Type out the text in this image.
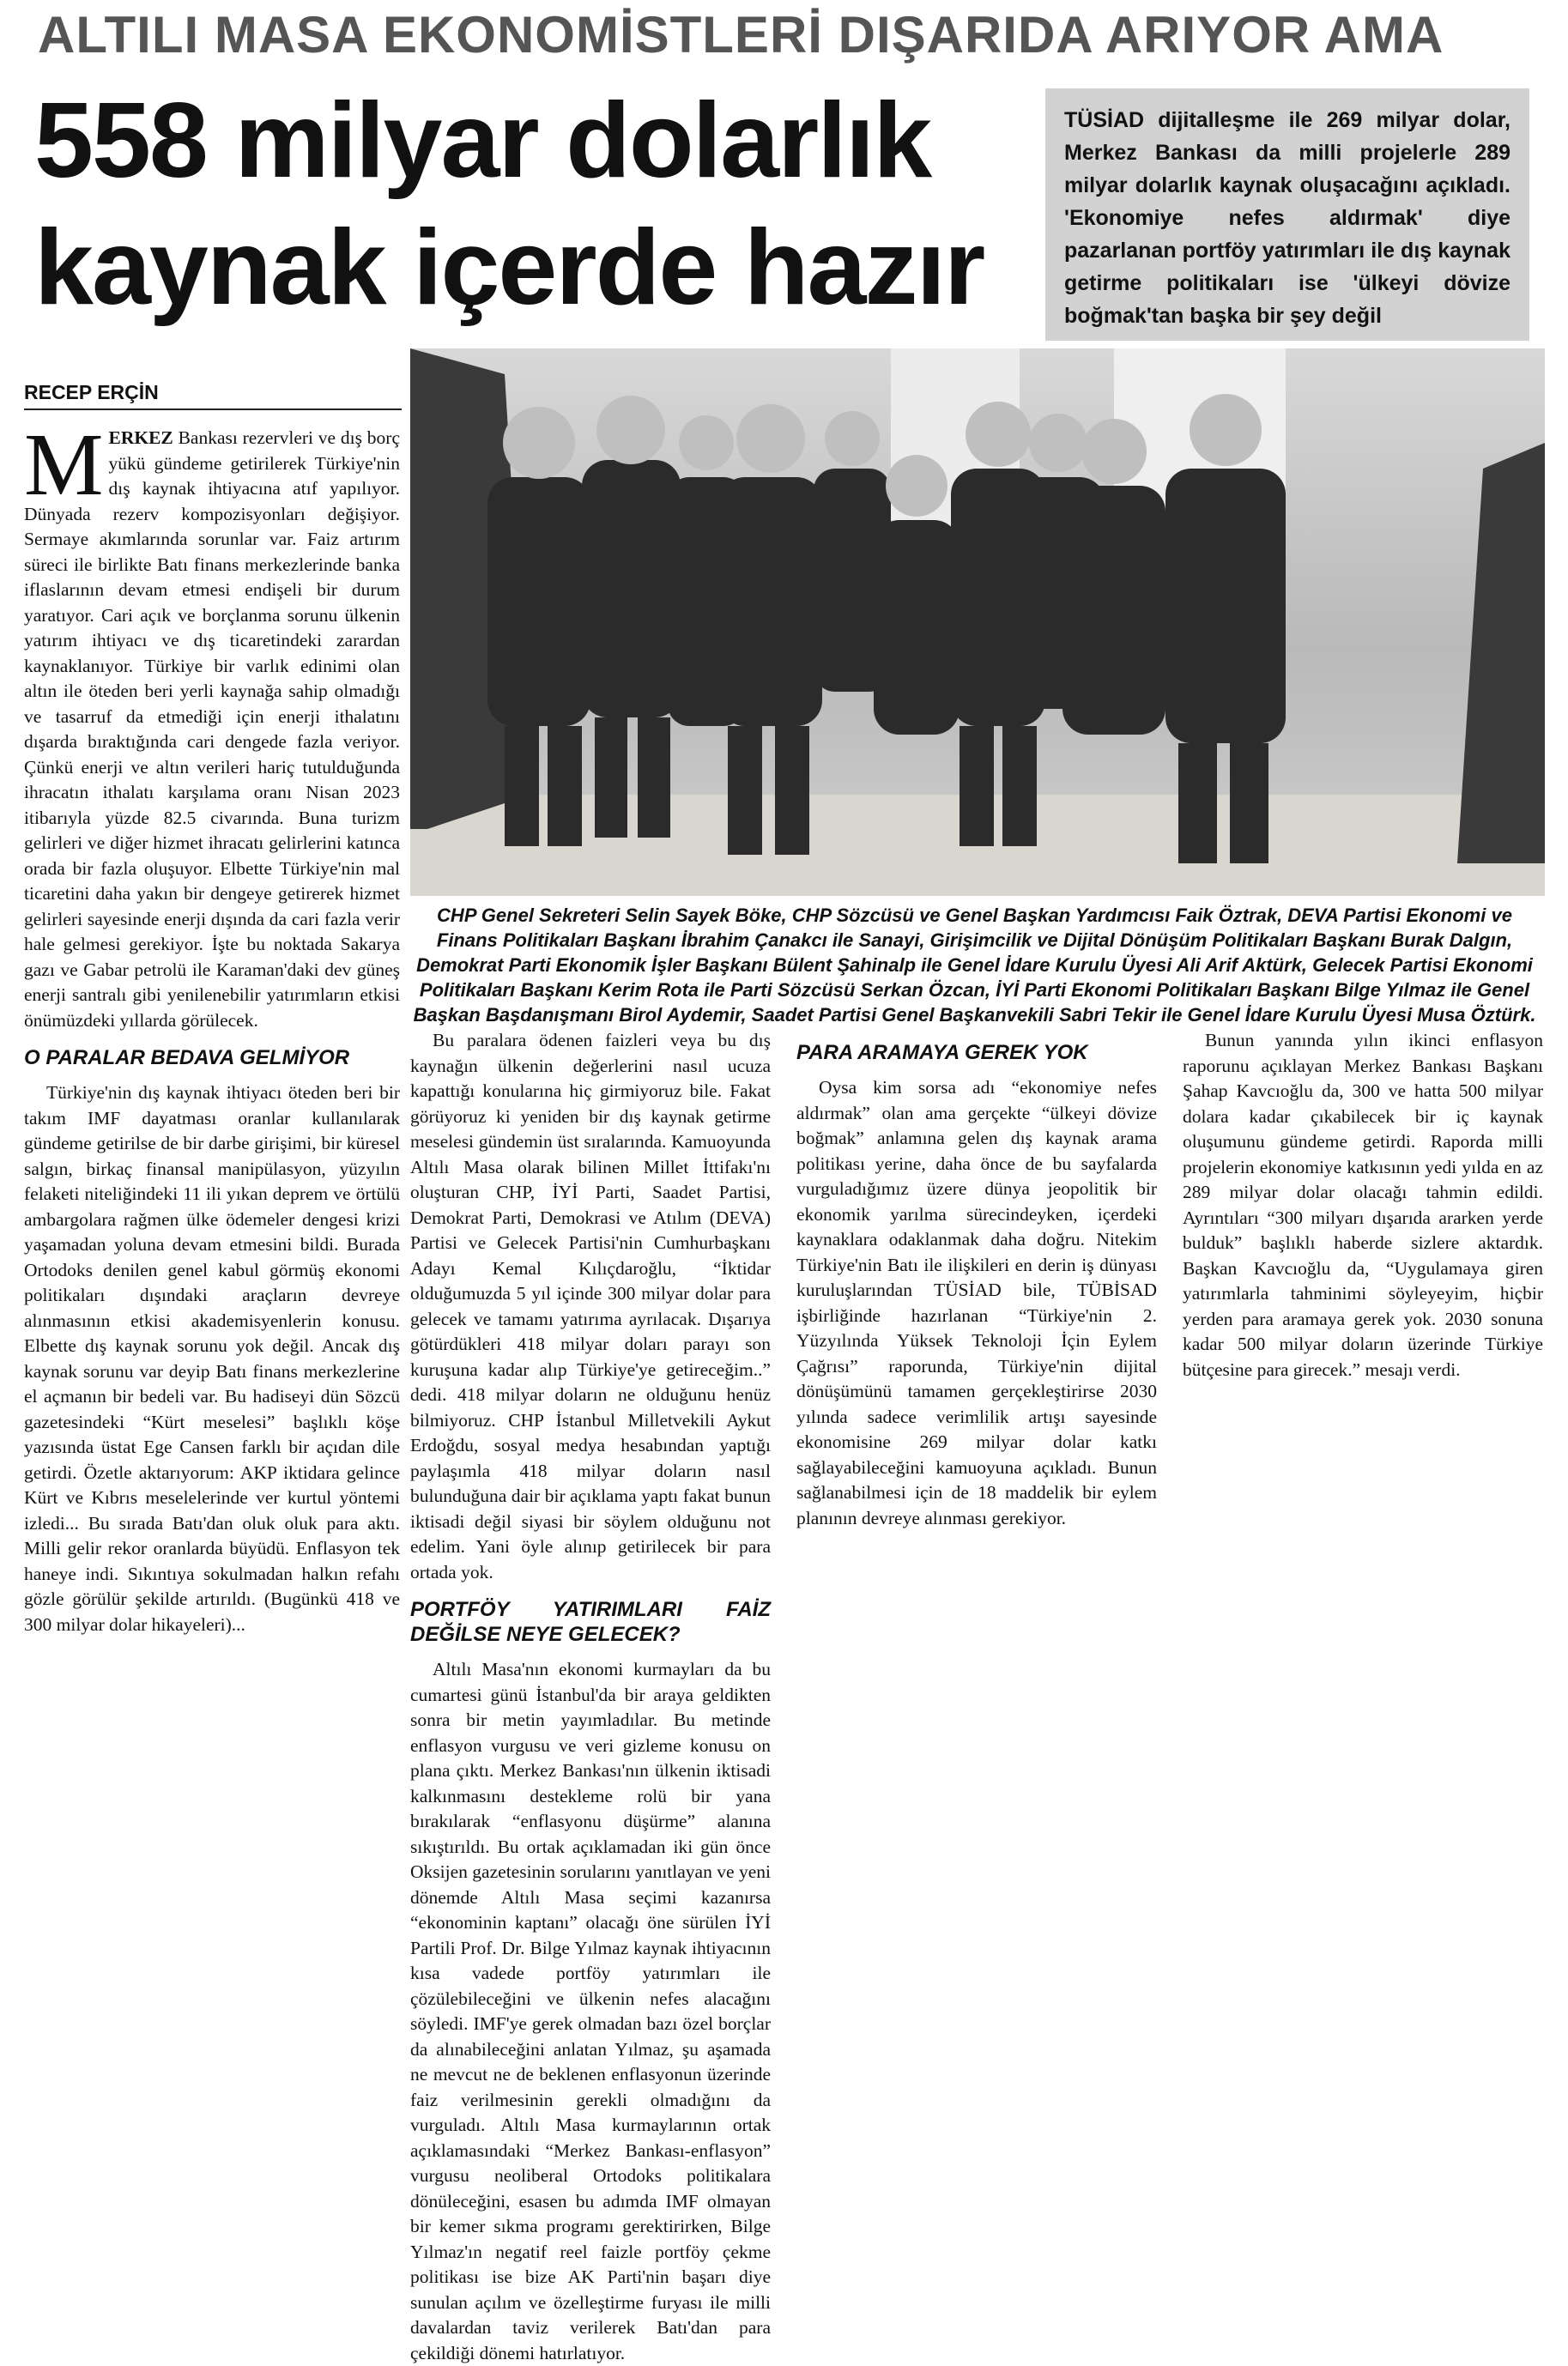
ALTILI MASA EKONOMİSTLERİ DIŞARIDA ARIYOR AMA
558 milyar dolarlık
kaynak içerde hazır

TÜSİAD dijitalleşme ile 269 milyar dolar, Merkez Bankası da milli projelerle 289 milyar dolarlık kaynak oluşacağını açıkladı. 'Ekonomiye nefes aldırmak' diye pazarlanan portföy yatırımları ile dış kaynak getirme politikaları ise 'ülkeyi dövize boğmak'tan başka bir şey değil

RECEP ERÇİN
CHP Genel Sekreteri Selin Sayek Böke, CHP Sözcüsü ve Genel Başkan Yardımcısı Faik Öztrak, DEVA Partisi Ekonomi ve Finans Politikaları Başkanı İbrahim Çanakcı ile Sanayi, Girişimcilik ve Dijital Dönüşüm Politikaları Başkanı Burak Dalgın, Demokrat Parti Ekonomik İşler Başkanı Bülent Şahinalp ile Genel İdare Kurulu Üyesi Ali Arif Aktürk, Gelecek Partisi Ekonomi Politikaları Başkanı Kerim Rota ile Parti Sözcüsü Serkan Özcan, İYİ Parti Ekonomi Politikaları Başkanı Bilge Yılmaz ile Genel Başkan Başdanışmanı Birol Aydemir, Saadet Partisi Genel Başkanvekili Sabri Tekir ile Genel İdare Kurulu Üyesi Musa Öztürk.

MERKEZ Bankası rezervleri ve dış borç yükü gündeme getirilerek Türkiye'nin dış kaynak ihtiyacına atıf yapılıyor. Dünyada rezerv kompozisyonları değişiyor. Sermaye akımlarında sorunlar var. Faiz artırım süreci ile birlikte Batı finans merkezlerinde banka iflaslarının devam etmesi endişeli bir durum yaratıyor. Cari açık ve borçlanma sorunu ülkenin yatırım ihtiyacı ve dış ticaretindeki zarardan kaynaklanıyor. Türkiye bir varlık edinimi olan altın ile öteden beri yerli kaynağa sahip olmadığı ve tasarruf da etmediği için enerji ithalatını dışarda bıraktığında cari dengede fazla veriyor. Çünkü enerji ve altın verileri hariç tutulduğunda ihracatın ithalatı karşılama oranı Nisan 2023 itibarıyla yüzde 82.5 civarında. Buna turizm gelirleri ve diğer hizmet ihracatı gelirlerini katınca orada bir fazla oluşuyor. Elbette Türkiye'nin mal ticaretini daha yakın bir dengeye getirerek hizmet gelirleri sayesinde enerji dışında da cari fazla verir hale gelmesi gerekiyor. İşte bu noktada Sakarya gazı ve Gabar petrolü ile Karaman'daki dev güneş enerji santralı gibi yenilenebilir yatırımların etkisi önümüzdeki yıllarda görülecek.

O PARALAR BEDAVA GELMİYOR

Türkiye'nin dış kaynak ihtiyacı öteden beri bir takım IMF dayatması oranlar kullanılarak gündeme getirilse de bir darbe girişimi, bir küresel salgın, birkaç finansal manipülasyon, yüzyılın felaketi niteliğindeki 11 ili yıkan deprem ve örtülü ambargolara rağmen ülke ödemeler dengesi krizi yaşamadan yoluna devam etmesini bildi. Burada Ortodoks denilen genel kabul görmüş ekonomi politikaları dışındaki araçların devreye alınmasının etkisi akademisyenlerin konusu. Elbette dış kaynak sorunu yok değil. Ancak dış kaynak sorunu var deyip Batı finans merkezlerine el açmanın bir bedeli var. Bu hadiseyi dün Sözcü gazetesindeki “Kürt meselesi” başlıklı köşe yazısında üstat Ege Cansen farklı bir açıdan dile getirdi. Özetle aktarıyorum: AKP iktidara gelince Kürt ve Kıbrıs meselelerinde ver kurtul yöntemi izledi... Bu sırada Batı'dan oluk oluk para aktı. Milli gelir rekor oranlarda büyüdü. Enflasyon tek haneye indi. Sıkıntıya sokulmadan halkın refahı gözle görülür şekilde artırıldı. (Bugünkü 418 ve 300 milyar dolar hikayeleri)...

Bu paralara ödenen faizleri veya bu dış kaynağın ülkenin değerlerini nasıl ucuza kapattığı konularına hiç girmiyoruz bile. Fakat görüyoruz ki yeniden bir dış kaynak getirme meselesi gündemin üst sıralarında. Kamuoyunda Altılı Masa olarak bilinen Millet İttifakı'nı oluşturan CHP, İYİ Parti, Saadet Partisi, Demokrat Parti, Demokrasi ve Atılım (DEVA) Partisi ve Gelecek Partisi'nin Cumhurbaşkanı Adayı Kemal Kılıçdaroğlu, “İktidar olduğumuzda 5 yıl içinde 300 milyar dolar para gelecek ve tamamı yatırıma ayrılacak. Dışarıya götürdükleri 418 milyar doları parayı son kuruşuna kadar alıp Türkiye'ye getireceğim..” dedi. 418 milyar doların ne olduğunu henüz bilmiyoruz. CHP İstanbul Milletvekili Aykut Erdoğdu, sosyal medya hesabından yaptığı paylaşımla 418 milyar doların nasıl bulunduğuna dair bir açıklama yaptı fakat bunun iktisadi değil siyasi bir söylem olduğunu not edelim. Yani öyle alınıp getirilecek bir para ortada yok.

PORTFÖY YATIRIMLARI FAİZ DEĞİLSE NEYE GELECEK?

Altılı Masa'nın ekonomi kurmayları da bu cumartesi günü İstanbul'da bir araya geldikten sonra bir metin yayımladılar. Bu metinde enflasyon vurgusu ve veri gizleme konusu on plana çıktı. Merkez Bankası'nın ülkenin iktisadi kalkınmasını destekleme rolü bir yana bırakılarak “enflasyonu düşürme” alanına sıkıştırıldı. Bu ortak açıklamadan iki gün önce Oksijen gazetesinin sorularını yanıtlayan ve yeni dönemde Altılı Masa seçimi kazanırsa “ekonominin kaptanı” olacağı öne sürülen İYİ Partili Prof. Dr. Bilge Yılmaz kaynak ihtiyacının kısa vadede portföy yatırımları ile çözülebileceğini ve ülkenin nefes alacağını söyledi. IMF'ye gerek olmadan bazı özel borçlar da alınabileceğini anlatan Yılmaz, şu aşamada ne mevcut ne de beklenen enflasyonun üzerinde faiz verilmesinin gerekli olmadığını da vurguladı. Altılı Masa kurmaylarının ortak açıklamasındaki “Merkez Bankası-enflasyon” vurgusu neoliberal Ortodoks politikalara dönüleceğini, esasen bu adımda IMF olmayan bir kemer sıkma programı gerektirirken, Bilge Yılmaz'ın negatif reel faizle portföy çekme politikası ise bize AK Parti'nin başarı diye sunulan açılım ve özelleştirme furyası ile milli davalardan taviz verilerek Batı'dan para çekildiği dönemi hatırlatıyor.

PARA ARAMAYA GEREK YOK

Oysa kim sorsa adı “ekonomiye nefes aldırmak” olan ama gerçekte “ülkeyi dövize boğmak” anlamına gelen dış kaynak arama politikası yerine, daha önce de bu sayfalarda vurguladığımız üzere dünya jeopolitik bir ekonomik yarılma sürecindeyken, içerdeki kaynaklara odaklanmak daha doğru. Nitekim Türkiye'nin Batı ile ilişkileri en derin iş dünyası kuruluşlarından TÜSİAD bile, TÜBİSAD işbirliğinde hazırlanan “Türkiye'nin 2. Yüzyılında Yüksek Teknoloji İçin Eylem Çağrısı” raporunda, Türkiye'nin dijital dönüşümünü tamamen gerçekleştirirse 2030 yılında sadece verimlilik artışı sayesinde ekonomisine 269 milyar dolar katkı sağlayabileceğini kamuoyuna açıkladı. Bunun sağlanabilmesi için de 18 maddelik bir eylem planının devreye alınması gerekiyor.

Bunun yanında yılın ikinci enflasyon raporunu açıklayan Merkez Bankası Başkanı Şahap Kavcıoğlu da, 300 ve hatta 500 milyar dolara kadar çıkabilecek bir iç kaynak oluşumunu gündeme getirdi. Raporda milli projelerin ekonomiye katkısının yedi yılda en az 289 milyar dolar olacağı tahmin edildi. Ayrıntıları “300 milyarı dışarıda ararken yerde bulduk” başlıklı haberde sizlere aktardık. Başkan Kavcıoğlu da, “Uygulamaya giren yatırımlarla tahminimi söyleyeyim, hiçbir yerden para aramaya gerek yok. 2030 sonuna kadar 500 milyar doların üzerinde Türkiye bütçesine para girecek.” mesajı verdi.
